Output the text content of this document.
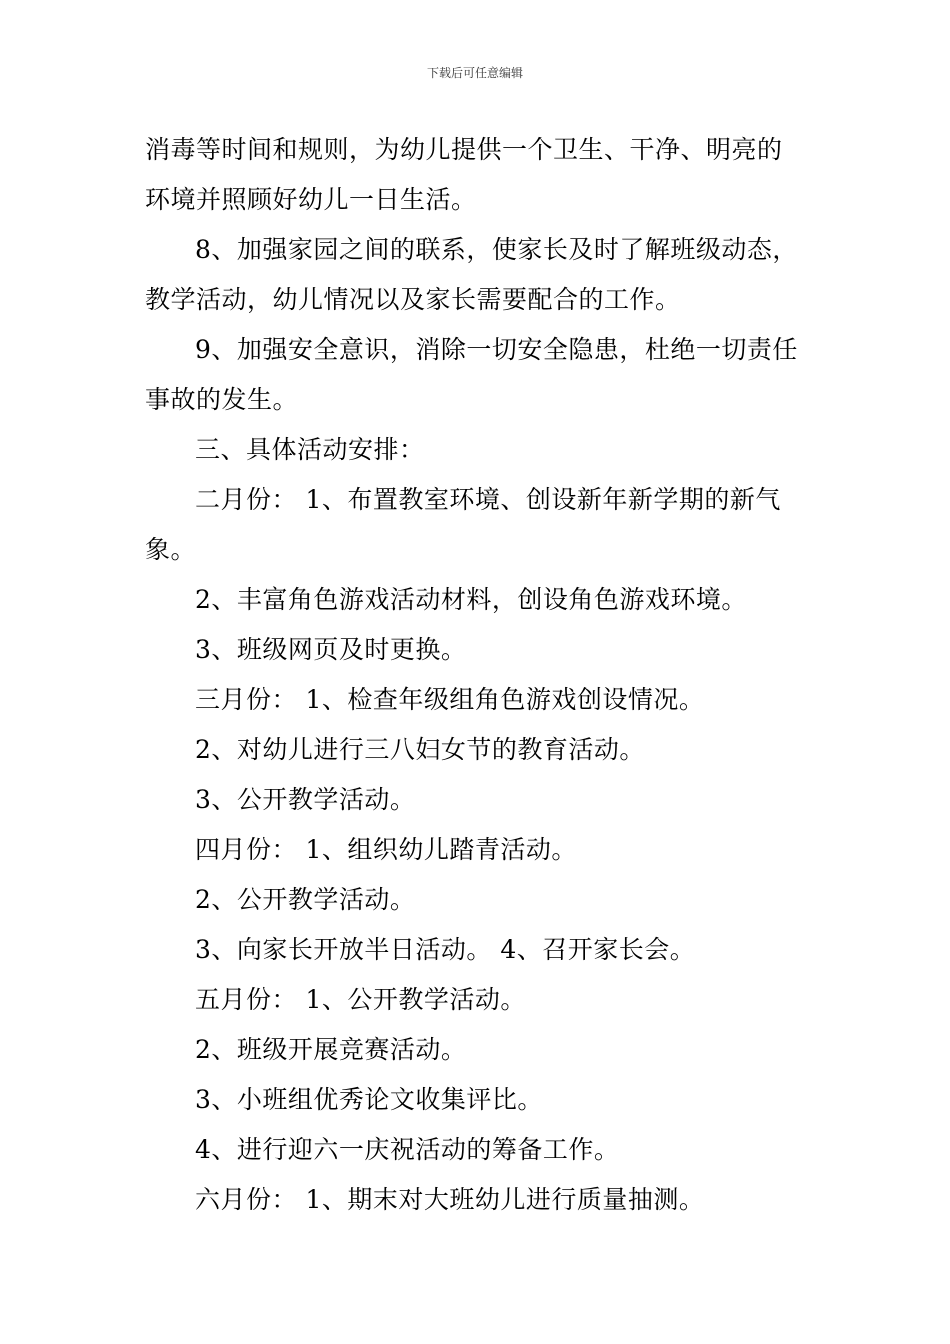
下载后可任意编辑
消毒等时间和规则，为幼儿提供一个卫生、干净、明亮的
环境并照顾好幼儿一日生活。
8、加强家园之间的联系，使家长及时了解班级动态，
教学活动，幼儿情况以及家长需要配合的工作。
9、加强安全意识，消除一切安全隐患，杜绝一切责任
事故的发生。
三、具体活动安排：
二月份： 1、布置教室环境、创设新年新学期的新气
象。
2、丰富角色游戏活动材料，创设角色游戏环境。
3、班级网页及时更换。
三月份： 1、检查年级组角色游戏创设情况。
2、对幼儿进行三八妇女节的教育活动。
3、公开教学活动。
四月份： 1、组织幼儿踏青活动。
2、公开教学活动。
3、向家长开放半日活动。 4、召开家长会。
五月份： 1、公开教学活动。
2、班级开展竞赛活动。
3、小班组优秀论文收集评比。
4、进行迎六一庆祝活动的筹备工作。
六月份： 1、期末对大班幼儿进行质量抽测。
